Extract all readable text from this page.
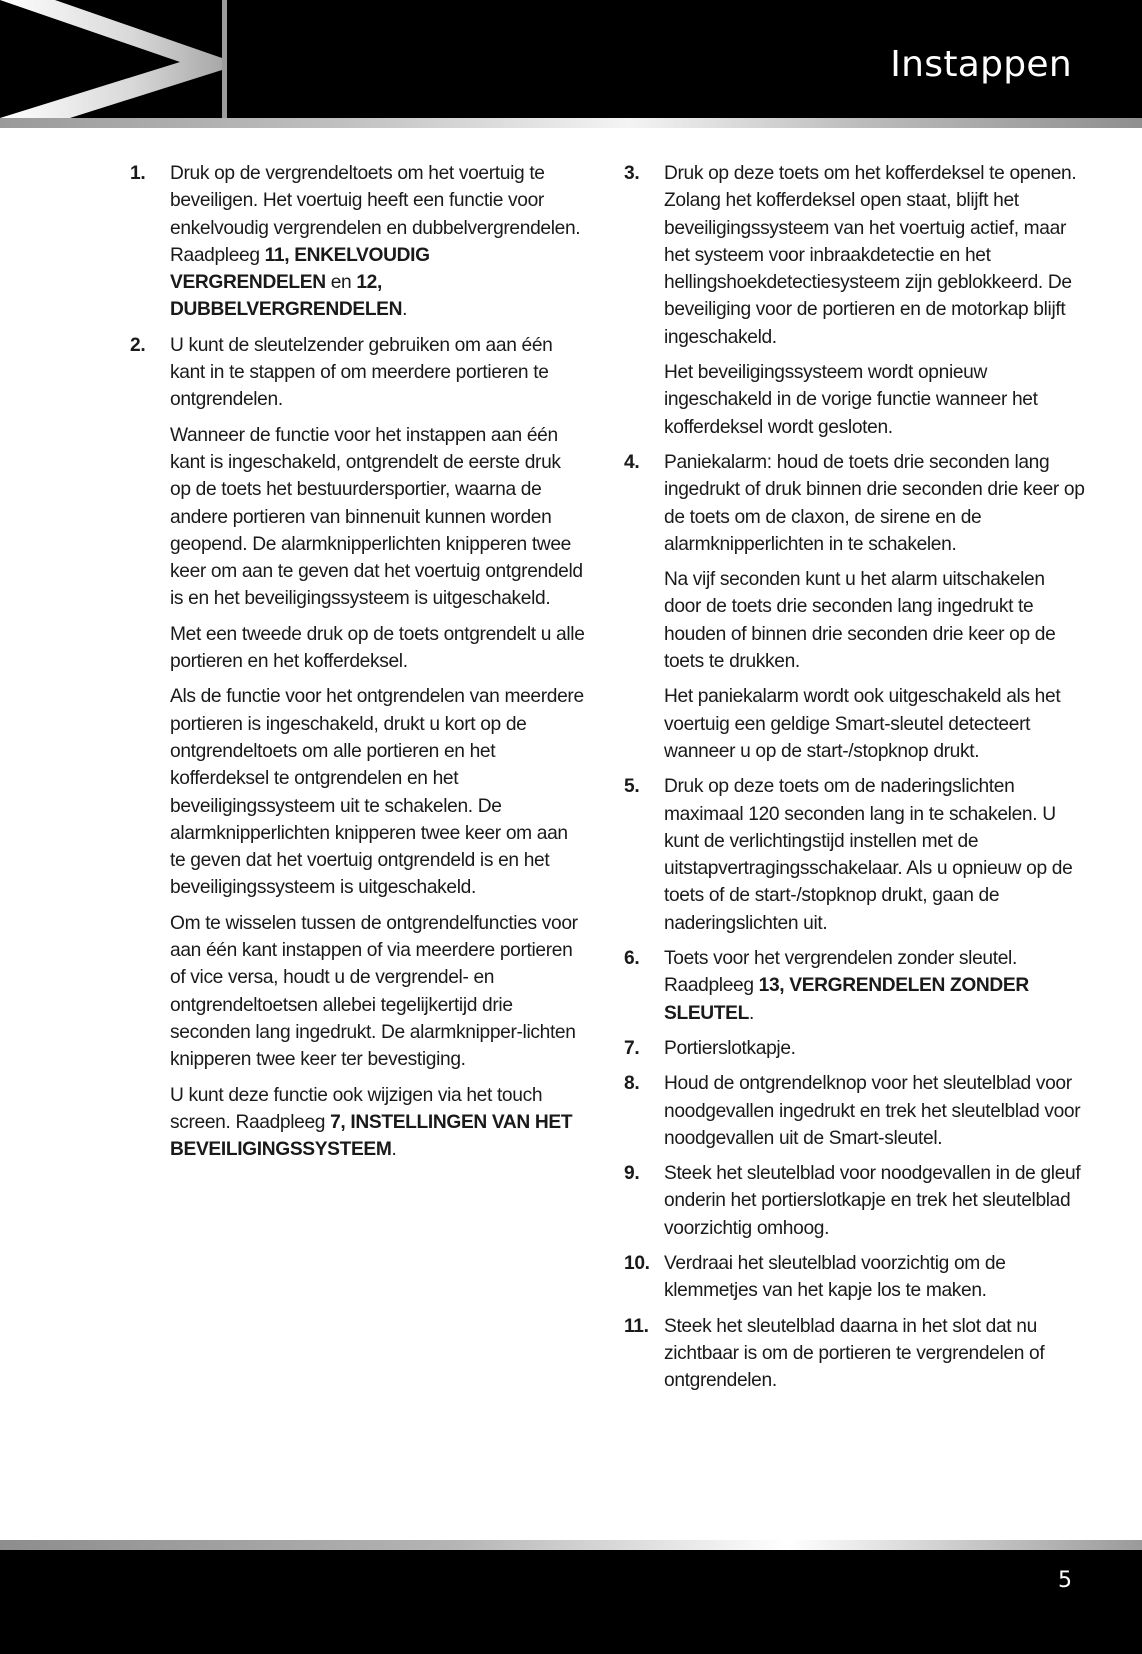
Instappen
1. Druk op de vergrendeltoets om het voertuig te beveiligen. Het voertuig heeft een functie voor enkelvoudig vergrendelen en dubbelvergrendelen. Raadpleeg 11, ENKELVOUDIG VERGRENDELEN en 12, DUBBELVERGRENDELEN.

2. U kunt de sleutelzender gebruiken om aan één kant in te stappen of om meerdere portieren te ontgrendelen.

Wanneer de functie voor het instappen aan één kant is ingeschakeld, ontgrendelt de eerste druk op de toets het bestuurdersportier, waarna de andere portieren van binnenuit kunnen worden geopend. De alarmknipperlichten knipperen twee keer om aan te geven dat het voertuig ontgrendeld is en het beveiligingssysteem is uitgeschakeld.

Met een tweede druk op de toets ontgrendelt u alle portieren en het kofferdeksel.

Als de functie voor het ontgrendelen van meerdere portieren is ingeschakeld, drukt u kort op de ontgrendeltoets om alle portieren en het kofferdeksel te ontgrendelen en het beveiligingssysteem uit te schakelen. De alarmknipperlichten knipperen twee keer om aan te geven dat het voertuig ontgrendeld is en het beveiligingssysteem is uitgeschakeld.

Om te wisselen tussen de ontgrendelfuncties voor aan één kant instappen of via meerdere portieren of vice versa, houdt u de vergrendel- en ontgrendeltoetsen allebei tegelijkertijd drie seconden lang ingedrukt. De alarmknipper-lichten knipperen twee keer ter bevestiging.

U kunt deze functie ook wijzigen via het touch screen. Raadpleeg 7, INSTELLINGEN VAN HET BEVEILIGINGSSYSTEEM.

3. Druk op deze toets om het kofferdeksel te openen. Zolang het kofferdeksel open staat, blijft het beveiligingssysteem van het voertuig actief, maar het systeem voor inbraakdetectie en het hellingshoekdetectiesysteem zijn geblokkeerd. De beveiliging voor de portieren en de motorkap blijft ingeschakeld.

Het beveiligingssysteem wordt opnieuw ingeschakeld in de vorige functie wanneer het kofferdeksel wordt gesloten.

4. Paniekalarm: houd de toets drie seconden lang ingedrukt of druk binnen drie seconden drie keer op de toets om de claxon, de sirene en de alarmknipperlichten in te schakelen.

Na vijf seconden kunt u het alarm uitschakelen door de toets drie seconden lang ingedrukt te houden of binnen drie seconden drie keer op de toets te drukken.

Het paniekalarm wordt ook uitgeschakeld als het voertuig een geldige Smart-sleutel detecteert wanneer u op de start-/stopknop drukt.

5. Druk op deze toets om de naderingslichten maximaal 120 seconden lang in te schakelen. U kunt de verlichtingstijd instellen met de uitstapvertragingsschakelaar. Als u opnieuw op de toets of de start-/stopknop drukt, gaan de naderingslichten uit.

6. Toets voor het vergrendelen zonder sleutel. Raadpleeg 13, VERGRENDELEN ZONDER SLEUTEL.

7. Portierslotkapje.

8. Houd de ontgrendelknop voor het sleutelblad voor noodgevallen ingedrukt en trek het sleutelblad voor noodgevallen uit de Smart-sleutel.

9. Steek het sleutelblad voor noodgevallen in de gleuf onderin het portierslotkapje en trek het sleutelblad voorzichtig omhoog.

10. Verdraai het sleutelblad voorzichtig om de klemmetjes van het kapje los te maken.

11. Steek het sleutelblad daarna in het slot dat nu zichtbaar is om de portieren te vergrendelen of ontgrendelen.

5
